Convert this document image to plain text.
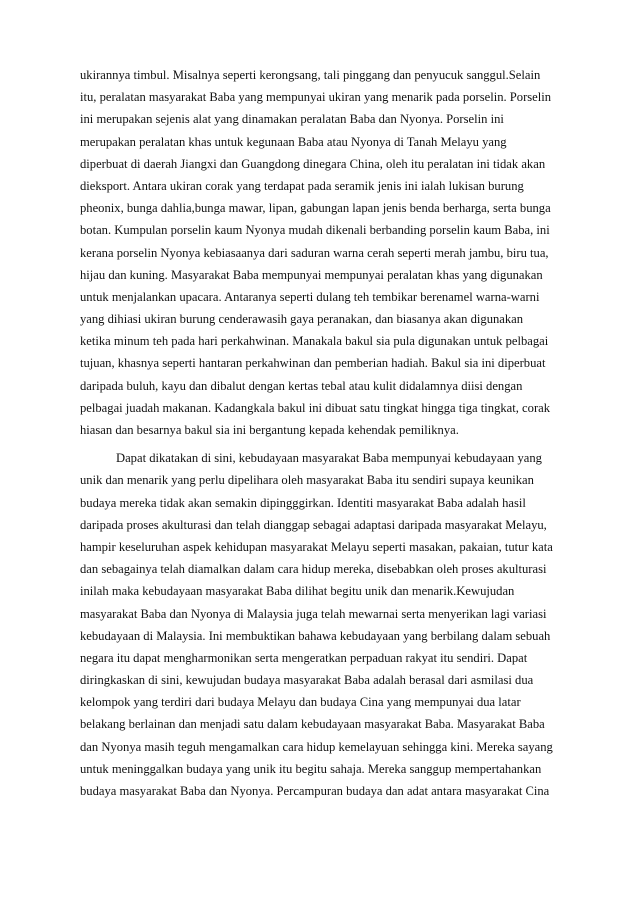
ukirannya timbul. Misalnya seperti kerongsang, tali pinggang dan penyucuk sanggul.Selain
itu, peralatan masyarakat Baba yang mempunyai ukiran yang menarik pada porselin. Porselin
ini merupakan sejenis alat yang dinamakan peralatan Baba dan Nyonya. Porselin ini
merupakan peralatan khas untuk kegunaan Baba atau Nyonya di Tanah Melayu yang
diperbuat di daerah Jiangxi dan Guangdong dinegara China, oleh itu peralatan ini tidak akan
dieksport. Antara ukiran corak yang terdapat pada seramik jenis ini ialah lukisan burung
pheonix, bunga dahlia,bunga mawar, lipan, gabungan lapan jenis benda berharga, serta bunga
botan. Kumpulan porselin kaum Nyonya mudah dikenali berbanding porselin kaum Baba, ini
kerana porselin Nyonya kebiasaanya dari saduran warna cerah seperti merah jambu, biru tua,
hijau dan kuning. Masyarakat Baba mempunyai mempunyai peralatan khas yang digunakan
untuk menjalankan upacara. Antaranya seperti dulang teh tembikar berenamel warna-warni
yang dihiasi ukiran burung cenderawasih gaya peranakan, dan biasanya akan digunakan
ketika minum teh pada hari perkahwinan. Manakala bakul sia pula digunakan untuk pelbagai
tujuan, khasnya seperti hantaran perkahwinan dan pemberian hadiah. Bakul sia ini diperbuat
daripada buluh, kayu dan dibalut dengan kertas tebal atau kulit didalamnya diisi dengan
pelbagai juadah makanan. Kadangkala bakul ini dibuat satu tingkat hingga tiga tingkat, corak
hiasan dan besarnya bakul sia ini bergantung kepada kehendak pemiliknya.
Dapat dikatakan di sini, kebudayaan masyarakat Baba mempunyai kebudayaan yang
unik dan menarik yang perlu dipelihara oleh masyarakat Baba itu sendiri supaya keunikan
budaya mereka tidak akan semakin dipingggirkan. Identiti masyarakat Baba adalah hasil
daripada proses akulturasi dan telah dianggap sebagai adaptasi daripada masyarakat Melayu,
hampir keseluruhan aspek kehidupan masyarakat Melayu seperti masakan, pakaian, tutur kata
dan sebagainya telah diamalkan dalam cara hidup mereka, disebabkan oleh proses akulturasi
inilah maka kebudayaan masyarakat Baba dilihat begitu unik dan menarik.Kewujudan
masyarakat Baba dan Nyonya di Malaysia juga telah mewarnai serta menyerikan lagi variasi
kebudayaan di Malaysia. Ini membuktikan bahawa kebudayaan yang berbilang dalam sebuah
negara itu dapat mengharmonikan serta mengeratkan perpaduan rakyat itu sendiri. Dapat
diringkaskan di sini, kewujudan budaya masyarakat Baba adalah berasal dari asmilasi dua
kelompok yang terdiri dari budaya Melayu dan budaya Cina yang mempunyai dua latar
belakang berlainan dan menjadi satu dalam kebudayaan masyarakat Baba. Masyarakat Baba
dan Nyonya masih teguh mengamalkan cara hidup kemelayuan sehingga kini. Mereka sayang
untuk meninggalkan budaya yang unik itu begitu sahaja. Mereka sanggup mempertahankan
budaya masyarakat Baba dan Nyonya. Percampuran budaya dan adat antara masyarakat Cina
